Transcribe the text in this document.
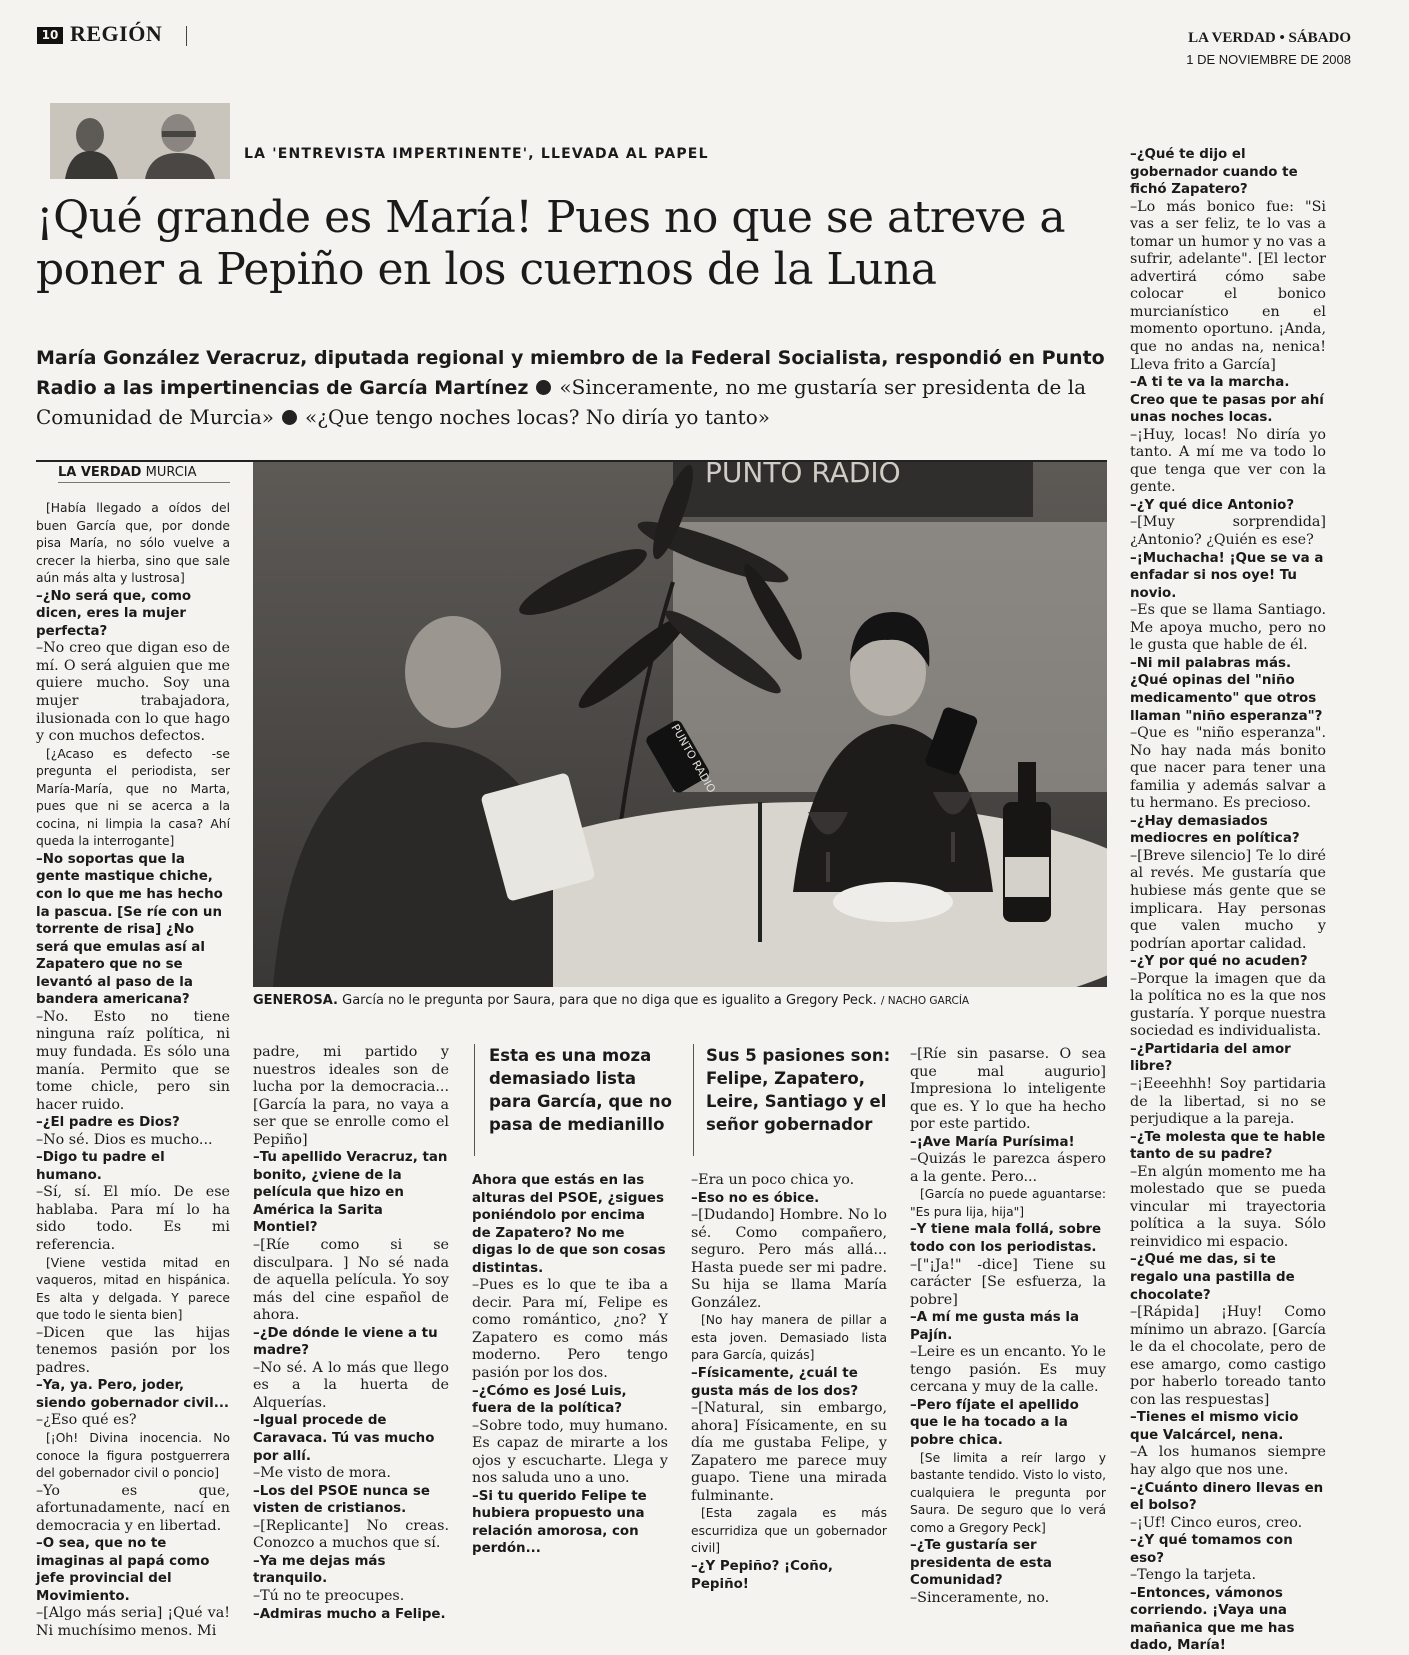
10 REGIÓN	LA VERDAD • SÁBADO
1 DE NOVIEMBRE DE 2008
LA 'ENTREVISTA IMPERTINENTE', LLEVADA AL PAPEL
¡Qué grande es María! Pues no que se atreve a poner a Pepiño en los cuernos de la Luna
María González Veracruz, diputada regional y miembro de la Federal Socialista, respondió en Punto Radio a las impertinencias de García Martínez «Sinceramente, no me gustaría ser presidenta de la Comunidad de Murcia» «¿Que tengo noches locas? No diría yo tanto»
LA VERDAD MURCIA	PUNTO RADIO
PUNTO RADIO
GENEROSA. García no le pregunta por Saura, para que no diga que es igualito a Gregory Peck. / NACHO GARCÍA
Esta es una moza demasiado lista para García, que no pasa de medianillo
Sus 5 pasiones son: Felipe, Zapatero, Leire, Santiago y el señor gobernador

[Había llegado a oídos del buen García que, por donde pisa María, no sólo vuelve a crecer la hierba, sino que sale aún más alta y lustrosa]

–¿No será que, como dicen, eres la mujer perfecta?

–No creo que digan eso de mí. O será alguien que me quiere mucho. Soy una mujer trabajadora, ilusionada con lo que hago y con muchos defectos.

[¿Acaso es defecto -se pregunta el periodista, ser María-María, que no Marta, pues que ni se acerca a la cocina, ni limpia la casa? Ahí queda la interrogante]

–No soportas que la gente mastique chiche, con lo que me has hecho la pascua. [Se ríe con un torrente de risa] ¿No será que emulas así al Zapatero que no se levantó al paso de la bandera americana?

–No. Esto no tiene ninguna raíz política, ni muy fundada. Es sólo una manía. Permito que se tome chicle, pero sin hacer ruido.

–¿El padre es Dios?

–No sé. Dios es mucho...

–Digo tu padre el humano.

–Sí, sí. El mío. De ese hablaba. Para mí lo ha sido todo. Es mi referencia.

[Viene vestida mitad en vaqueros, mitad en hispánica. Es alta y delgada. Y parece que todo le sienta bien]

–Dicen que las hijas tenemos pasión por los padres.

–Ya, ya. Pero, joder, siendo gobernador civil...

–¿Eso qué es?

[¡Oh! Divina inocencia. No conoce la figura postguerrera del gobernador civil o poncio]

–Yo es que, afortunadamente, nací en democracia y en libertad.

–O sea, que no te imaginas al papá como jefe provincial del Movimiento.

–[Algo más seria] ¡Qué va! Ni muchísimo menos. Mi

padre, mi partido y nuestros ideales son de lucha por la democracia... [García la para, no vaya a ser que se enrolle como el Pepiño]

–Tu apellido Veracruz, tan bonito, ¿viene de la película que hizo en América la Sarita Montiel?

–[Ríe como si se disculpara. ] No sé nada de aquella película. Yo soy más del cine español de ahora.

–¿De dónde le viene a tu madre?

–No sé. A lo más que llego es a la huerta de Alquerías.

–Igual procede de Caravaca. Tú vas mucho por allí.

–Me visto de mora.

–Los del PSOE nunca se visten de cristianos.

–[Replicante] No creas. Conozco a muchos que sí.

–Ya me dejas más tranquilo.

–Tú no te preocupes.

–Admiras mucho a Felipe.

Ahora que estás en las alturas del PSOE, ¿sigues poniéndolo por encima de Zapatero? No me digas lo de que son cosas distintas.

–Pues es lo que te iba a decir. Para mí, Felipe es como romántico, ¿no? Y Zapatero es como más moderno. Pero tengo pasión por los dos.

–¿Cómo es José Luis, fuera de la política?

–Sobre todo, muy humano. Es capaz de mirarte a los ojos y escucharte. Llega y nos saluda uno a uno.

–Si tu querido Felipe te hubiera propuesto una relación amorosa, con perdón...

–Era un poco chica yo.

–Eso no es óbice.

–[Dudando] Hombre. No lo sé. Como compañero, seguro. Pero más allá... Hasta puede ser mi padre. Su hija se llama María González.

[No hay manera de pillar a esta joven. Demasiado lista para García, quizás]

–Físicamente, ¿cuál te gusta más de los dos?

–[Natural, sin embargo, ahora] Físicamente, en su día me gustaba Felipe, y Zapatero me parece muy guapo. Tiene una mirada fulminante.

[Esta zagala es más escurridiza que un gobernador civil]

–¿Y Pepiño? ¡Coño, Pepiño!

–[Ríe sin pasarse. O sea que mal augurio] Impresiona lo inteligente que es. Y lo que ha hecho por este partido.

–¡Ave María Purísima!

–Quizás le parezca áspero a la gente. Pero...

[García no puede aguantarse: "Es pura lija, hija"]

–Y tiene mala follá, sobre todo con los periodistas.

–["¡Ja!" -dice] Tiene su carácter [Se esfuerza, la pobre]

–A mí me gusta más la Pajín.

–Leire es un encanto. Yo le tengo pasión. Es muy cercana y muy de la calle.

–Pero fíjate el apellido que le ha tocado a la pobre chica.

[Se limita a reír largo y bastante tendido. Visto lo visto, cualquiera le pregunta por Saura. De seguro que lo verá como a Gregory Peck]

–¿Te gustaría ser presidenta de esta Comunidad?

–Sinceramente, no.

–¿Qué te dijo el gobernador cuando te fichó Zapatero?

–Lo más bonico fue: "Si vas a ser feliz, te lo vas a tomar un humor y no vas a sufrir, adelante". [El lector advertirá cómo sabe colocar el bonico murcianístico en el momento oportuno. ¡Anda, que no andas na, nenica! Lleva frito a García]

–A ti te va la marcha. Creo que te pasas por ahí unas noches locas.

–¡Huy, locas! No diría yo tanto. A mí me va todo lo que tenga que ver con la gente.

–¿Y qué dice Antonio?

–[Muy sorprendida] ¿Antonio? ¿Quién es ese?

–¡Muchacha! ¡Que se va a enfadar si nos oye! Tu novio.

–Es que se llama Santiago. Me apoya mucho, pero no le gusta que hable de él.

–Ni mil palabras más. ¿Qué opinas del "niño medicamento" que otros llaman "niño esperanza"?

–Que es "niño esperanza". No hay nada más bonito que nacer para tener una familia y además salvar a tu hermano. Es precioso.

–¿Hay demasiados mediocres en política?

–[Breve silencio] Te lo diré al revés. Me gustaría que hubiese más gente que se implicara. Hay personas que valen mucho y podrían aportar calidad.

–¿Y por qué no acuden?

–Porque la imagen que da la política no es la que nos gustaría. Y porque nuestra sociedad es individualista.

–¿Partidaria del amor libre?

–¡Eeeehhh! Soy partidaria de la libertad, si no se perjudique a la pareja.

–¿Te molesta que te hable tanto de su padre?

–En algún momento me ha molestado que se pueda vincular mi trayectoria política a la suya. Sólo reinvidico mi espacio.

–¿Qué me das, si te regalo una pastilla de chocolate?

–[Rápida] ¡Huy! Como mínimo un abrazo. [García le da el chocolate, pero de ese amargo, como castigo por haberlo toreado tanto con las respuestas]

–Tienes el mismo vicio que Valcárcel, nena.

–A los humanos siempre hay algo que nos une.

–¿Cuánto dinero llevas en el bolso?

–¡Uf! Cinco euros, creo.

–¿Y qué tomamos con eso?

–Tengo la tarjeta.

–Entonces, vámonos corriendo. ¡Vaya una mañanica que me has dado, María!
